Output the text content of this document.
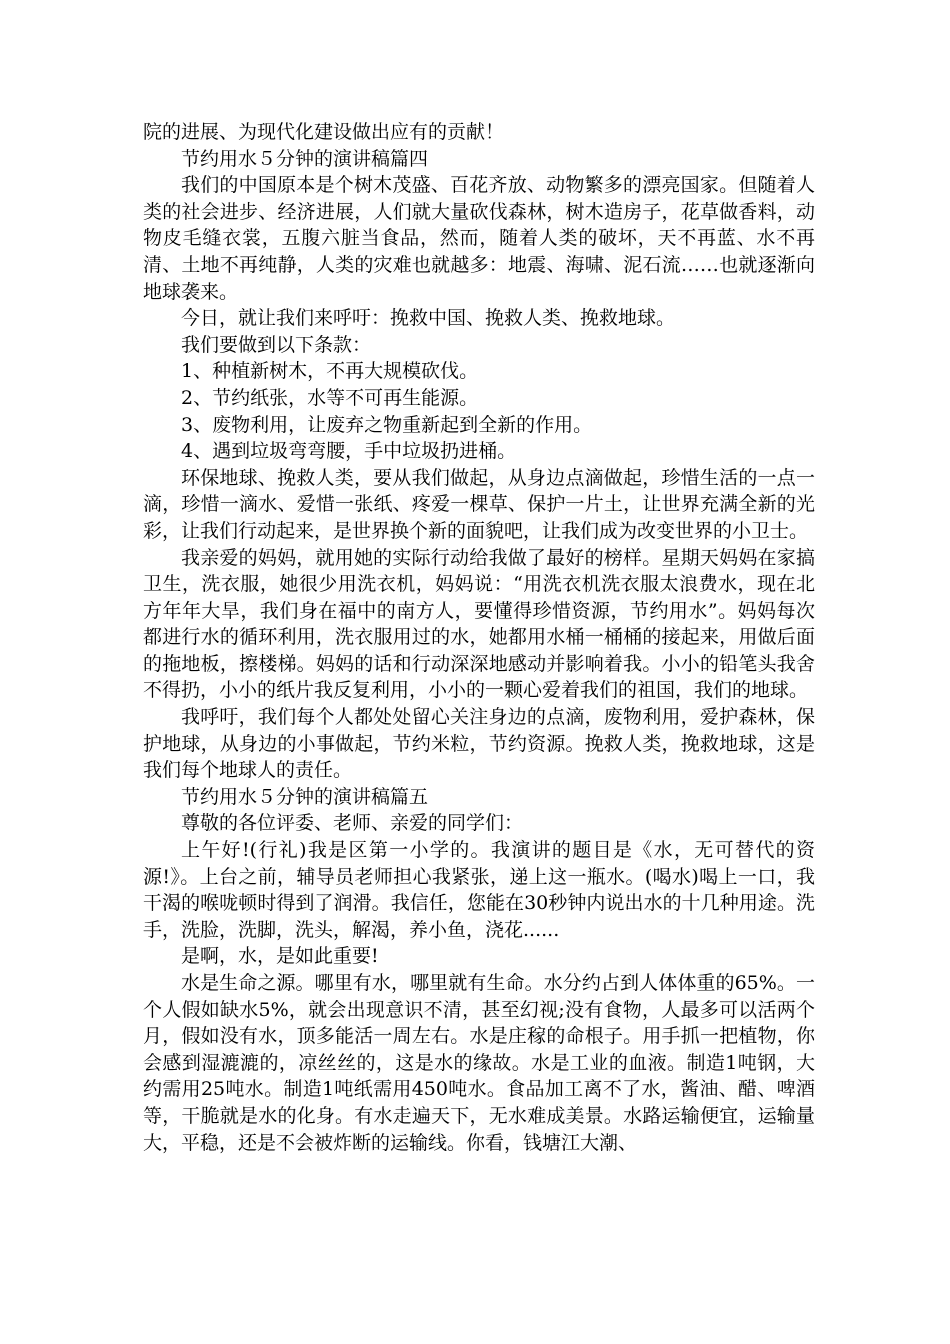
院的进展、为现代化建设做出应有的贡献！

节约用水５分钟的演讲稿篇四

我们的中国原本是个树木茂盛、百花齐放、动物繁多的漂亮国家。但随着人类的社会进步、经济进展，人们就大量砍伐森林，树木造房子，花草做香料，动物皮毛缝衣裳，五腹六脏当食品，然而，随着人类的破坏，天不再蓝、水不再清、土地不再纯静，人类的灾难也就越多：地震、海啸、泥石流……也就逐渐向地球袭来。

今日，就让我们来呼吁：挽救中国、挽救人类、挽救地球。

我们要做到以下条款：

1、种植新树木，不再大规模砍伐。

2、节约纸张，水等不可再生能源。

3、废物利用，让废弃之物重新起到全新的作用。

4、遇到垃圾弯弯腰，手中垃圾扔进桶。

环保地球、挽救人类，要从我们做起，从身边点滴做起，珍惜生活的一点一滴，珍惜一滴水、爱惜一张纸、疼爱一棵草、保护一片土，让世界充满全新的光彩，让我们行动起来，是世界换个新的面貌吧，让我们成为改变世界的小卫士。

我亲爱的妈妈，就用她的实际行动给我做了最好的榜样。星期天妈妈在家搞卫生，洗衣服，她很少用洗衣机，妈妈说：“用洗衣机洗衣服太浪费水，现在北方年年大旱，我们身在福中的南方人，要懂得珍惜资源，节约用水”。妈妈每次都进行水的循环利用，洗衣服用过的水，她都用水桶一桶桶的接起来，用做后面的拖地板，擦楼梯。妈妈的话和行动深深地感动并影响着我。小小的铅笔头我舍不得扔，小小的纸片我反复利用，小小的一颗心爱着我们的祖国，我们的地球。

我呼吁，我们每个人都处处留心关注身边的点滴，废物利用，爱护森林，保护地球，从身边的小事做起，节约米粒，节约资源。挽救人类，挽救地球，这是我们每个地球人的责任。

节约用水５分钟的演讲稿篇五

尊敬的各位评委、老师、亲爱的同学们：

上午好!(行礼)我是区第一小学的。我演讲的题目是《水，无可替代的资源!》。上台之前，辅导员老师担心我紧张，递上这一瓶水。(喝水)喝上一口，我干渴的喉咙顿时得到了润滑。我信任，您能在30秒钟内说出水的十几种用途。洗手，洗脸，洗脚，洗头，解渴，养小鱼，浇花......

是啊，水，是如此重要!

水是生命之源。哪里有水，哪里就有生命。水分约占到人体体重的65%。一个人假如缺水5%，就会出现意识不清，甚至幻视;没有食物，人最多可以活两个月，假如没有水，顶多能活一周左右。水是庄稼的命根子。用手抓一把植物，你会感到湿漉漉的，凉丝丝的，这是水的缘故。水是工业的血液。制造1吨钢，大约需用25吨水。制造1吨纸需用450吨水。食品加工离不了水，酱油、醋、啤酒等，干脆就是水的化身。有水走遍天下，无水难成美景。水路运输便宜，运输量大，平稳，还是不会被炸断的运输线。你看，钱塘江大潮、
